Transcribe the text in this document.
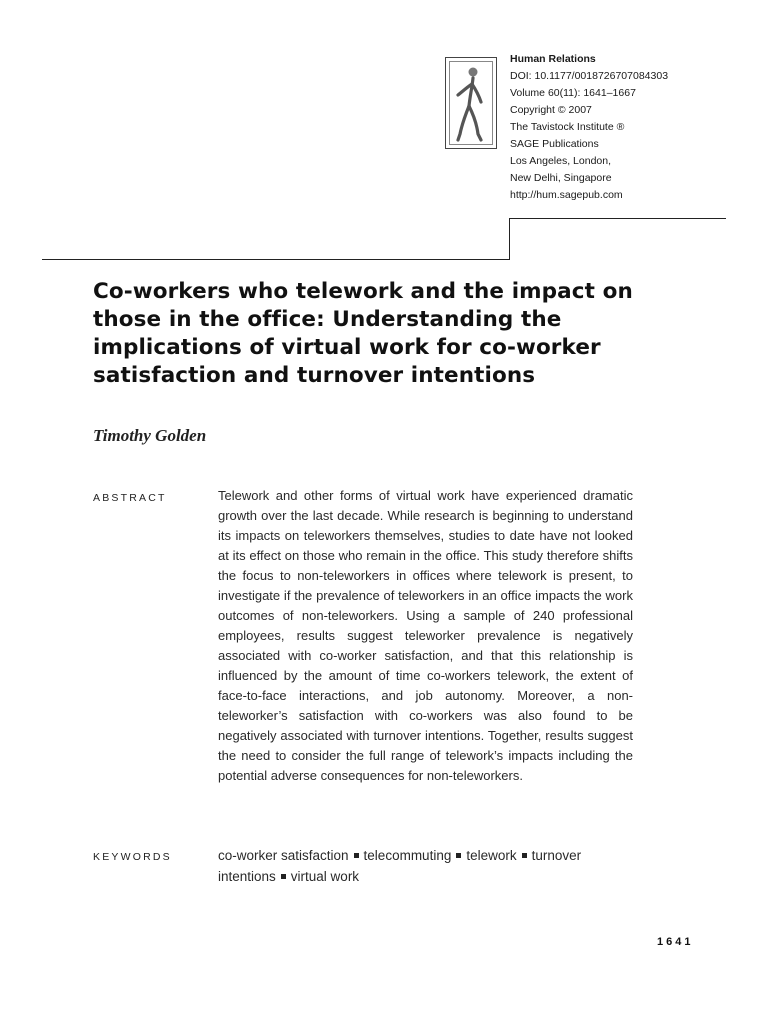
Human Relations
DOI: 10.1177/0018726707084303
Volume 60(11): 1641–1667
Copyright © 2007
The Tavistock Institute ®
SAGE Publications
Los Angeles, London,
New Delhi, Singapore
http://hum.sagepub.com
Co-workers who telework and the impact on those in the office: Understanding the implications of virtual work for co-worker satisfaction and turnover intentions
Timothy Golden
ABSTRACT	Telework and other forms of virtual work have experienced dramatic growth over the last decade. While research is beginning to understand its impacts on teleworkers themselves, studies to date have not looked at its effect on those who remain in the office. This study therefore shifts the focus to non-teleworkers in offices where telework is present, to investigate if the prevalence of teleworkers in an office impacts the work outcomes of non-teleworkers. Using a sample of 240 professional employees, results suggest teleworker prevalence is negatively associated with co-worker satisfaction, and that this relationship is influenced by the amount of time co-workers telework, the extent of face-to-face interactions, and job autonomy. Moreover, a non-teleworker’s satisfaction with co-workers was also found to be negatively associated with turnover intentions. Together, results suggest the need to consider the full range of telework’s impacts including the potential adverse consequences for non-teleworkers.

KEYWORDS	co-worker satisfaction telecommuting telework turnover intentions virtual work

1641
